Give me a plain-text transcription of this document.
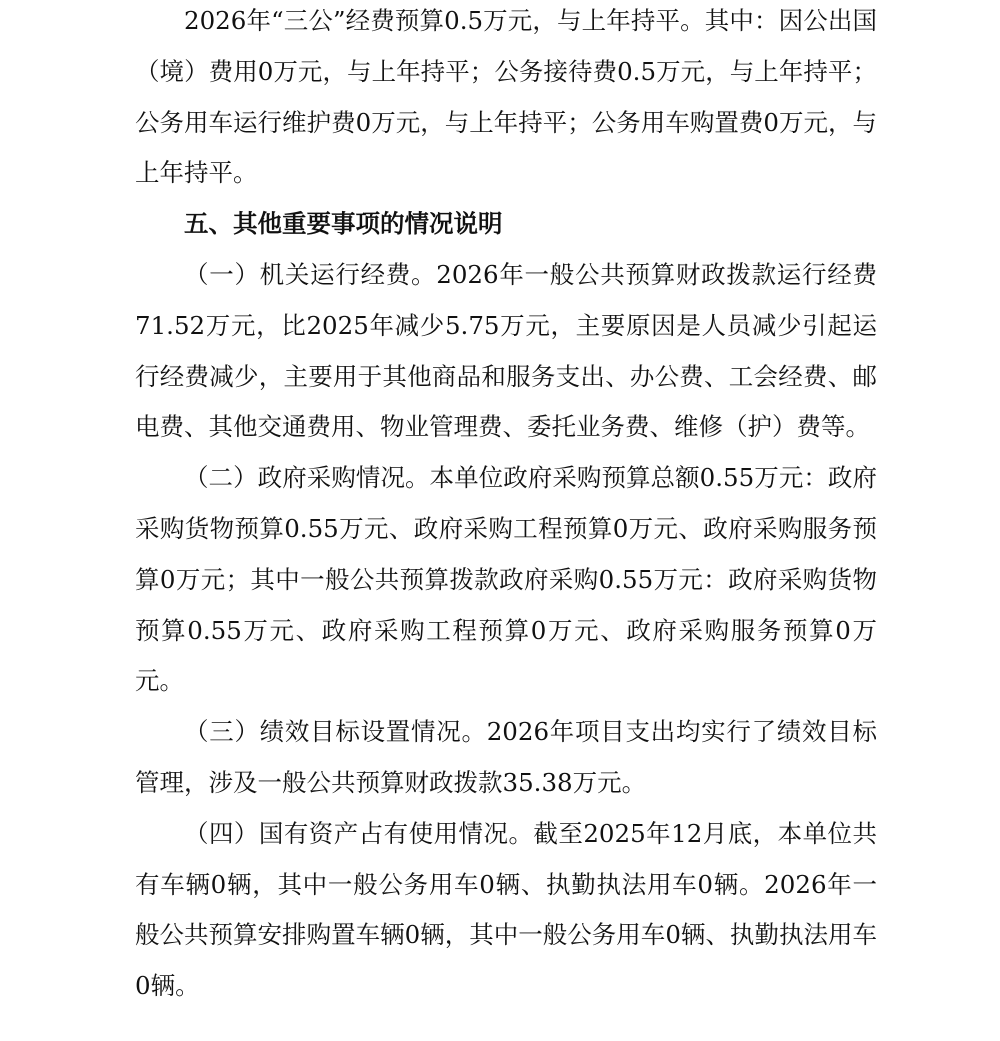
2026年“三公”经费预算0.5万元，与上年持平。其中：因公出国（境）费用0万元，与上年持平；公务接待费0.5万元，与上年持平；公务用车运行维护费0万元，与上年持平；公务用车购置费0万元，与上年持平。

五、其他重要事项的情况说明

（一）机关运行经费。2026年一般公共预算财政拨款运行经费71.52万元，比2025年减少5.75万元，主要原因是人员减少引起运行经费减少，主要用于其他商品和服务支出、办公费、工会经费、邮电费、其他交通费用、物业管理费、委托业务费、维修（护）费等。

（二）政府采购情况。本单位政府采购预算总额0.55万元：政府采购货物预算0.55万元、政府采购工程预算0万元、政府采购服务预算0万元；其中一般公共预算拨款政府采购0.55万元：政府采购货物预算0.55万元、政府采购工程预算0万元、政府采购服务预算0万元。

（三）绩效目标设置情况。2026年项目支出均实行了绩效目标管理，涉及一般公共预算财政拨款35.38万元。

（四）国有资产占有使用情况。截至2025年12月底，本单位共有车辆0辆，其中一般公务用车0辆、执勤执法用车0辆。2026年一般公共预算安排购置车辆0辆，其中一般公务用车0辆、执勤执法用车0辆。
